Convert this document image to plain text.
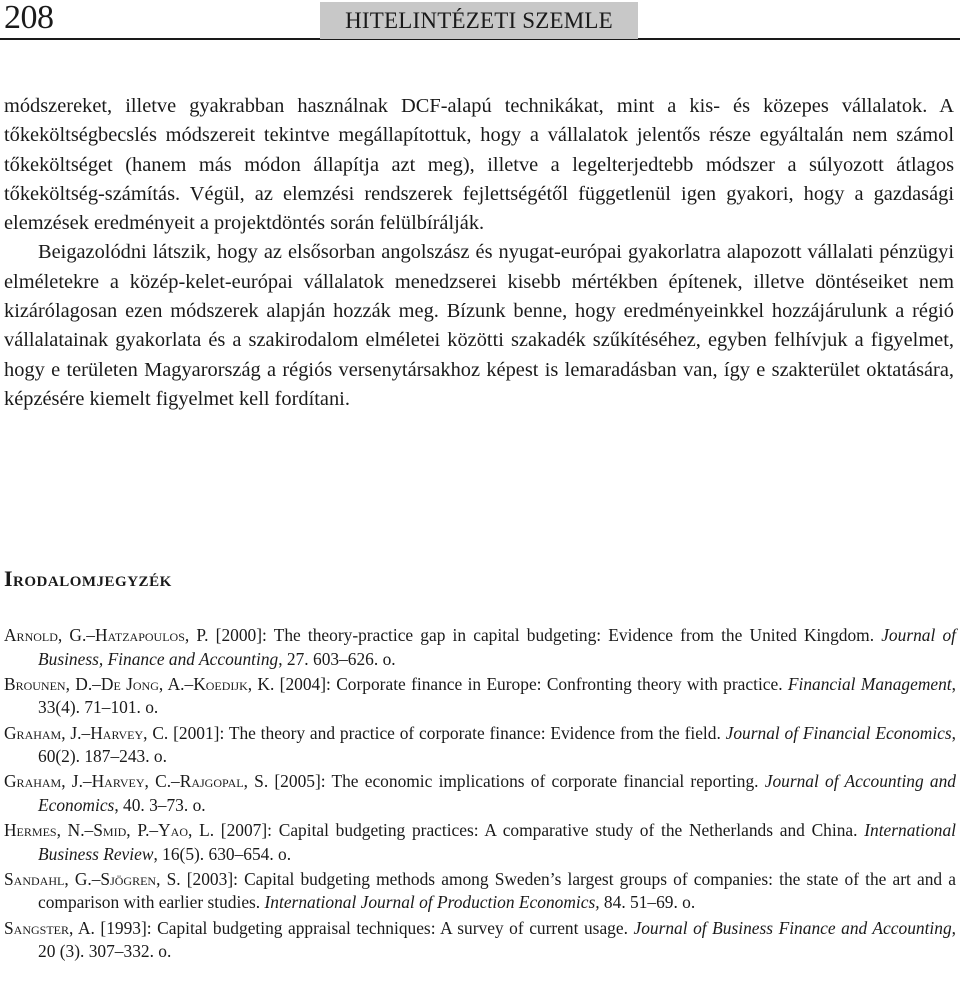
208	HITELINTÉZETI SZEMLE

módszereket, illetve gyakrabban használnak DCF-alapú technikákat, mint a kis- és közepes vállalatok. A tőkeköltségbecslés módszereit tekintve megállapítottuk, hogy a vállalatok jelentős része egyáltalán nem számol tőkeköltséget (hanem más módon állapítja azt meg), illetve a legelterjedtebb módszer a súlyozott átlagos tőkeköltség-számítás. Végül, az elemzési rendszerek fejlettségétől függetlenül igen gyakori, hogy a gazdasági elemzések eredményeit a projektdöntés során felülbírálják.

Beigazolódni látszik, hogy az elsősorban angolszász és nyugat-európai gyakorlatra alapozott vállalati pénzügyi elméletekre a közép-kelet-európai vállalatok menedzserei kisebb mértékben építenek, illetve döntéseiket nem kizárólagosan ezen módszerek alapján hozzák meg. Bízunk benne, hogy eredményeinkkel hozzájárulunk a régió vállalatainak gyakorlata és a szakirodalom elméletei közötti szakadék szűkítéséhez, egyben felhívjuk a figyelmet, hogy e területen Magyarország a régiós versenytársakhoz képest is lemaradásban van, így e szakterület oktatására, képzésére kiemelt figyelmet kell fordítani.

Irodalomjegyzék

Arnold, G.–Hatzapoulos, P. [2000]: The theory-practice gap in capital budgeting: Evidence from the United Kingdom. Journal of Business, Finance and Accounting, 27. 603–626. o.

Brounen, D.–De Jong, A.–Koedijk, K. [2004]: Corporate finance in Europe: Confronting theory with practice. Financial Management, 33(4). 71–101. o.

Graham, J.–Harvey, C. [2001]: The theory and practice of corporate finance: Evidence from the field. Journal of Financial Economics, 60(2). 187–243. o.

Graham, J.–Harvey, C.–Rajgopal, S. [2005]: The economic implications of corporate financial reporting. Journal of Accounting and Economics, 40. 3–73. o.

Hermes, N.–Smid, P.–Yao, L. [2007]: Capital budgeting practices: A comparative study of the Netherlands and China. International Business Review, 16(5). 630–654. o.

Sandahl, G.–Sjögren, S. [2003]: Capital budgeting methods among Sweden’s largest groups of companies: the state of the art and a comparison with earlier studies. International Journal of Production Economics, 84. 51–69. o.

Sangster, A. [1993]: Capital budgeting appraisal techniques: A survey of current usage. Journal of Business Finance and Accounting, 20 (3). 307–332. o.
